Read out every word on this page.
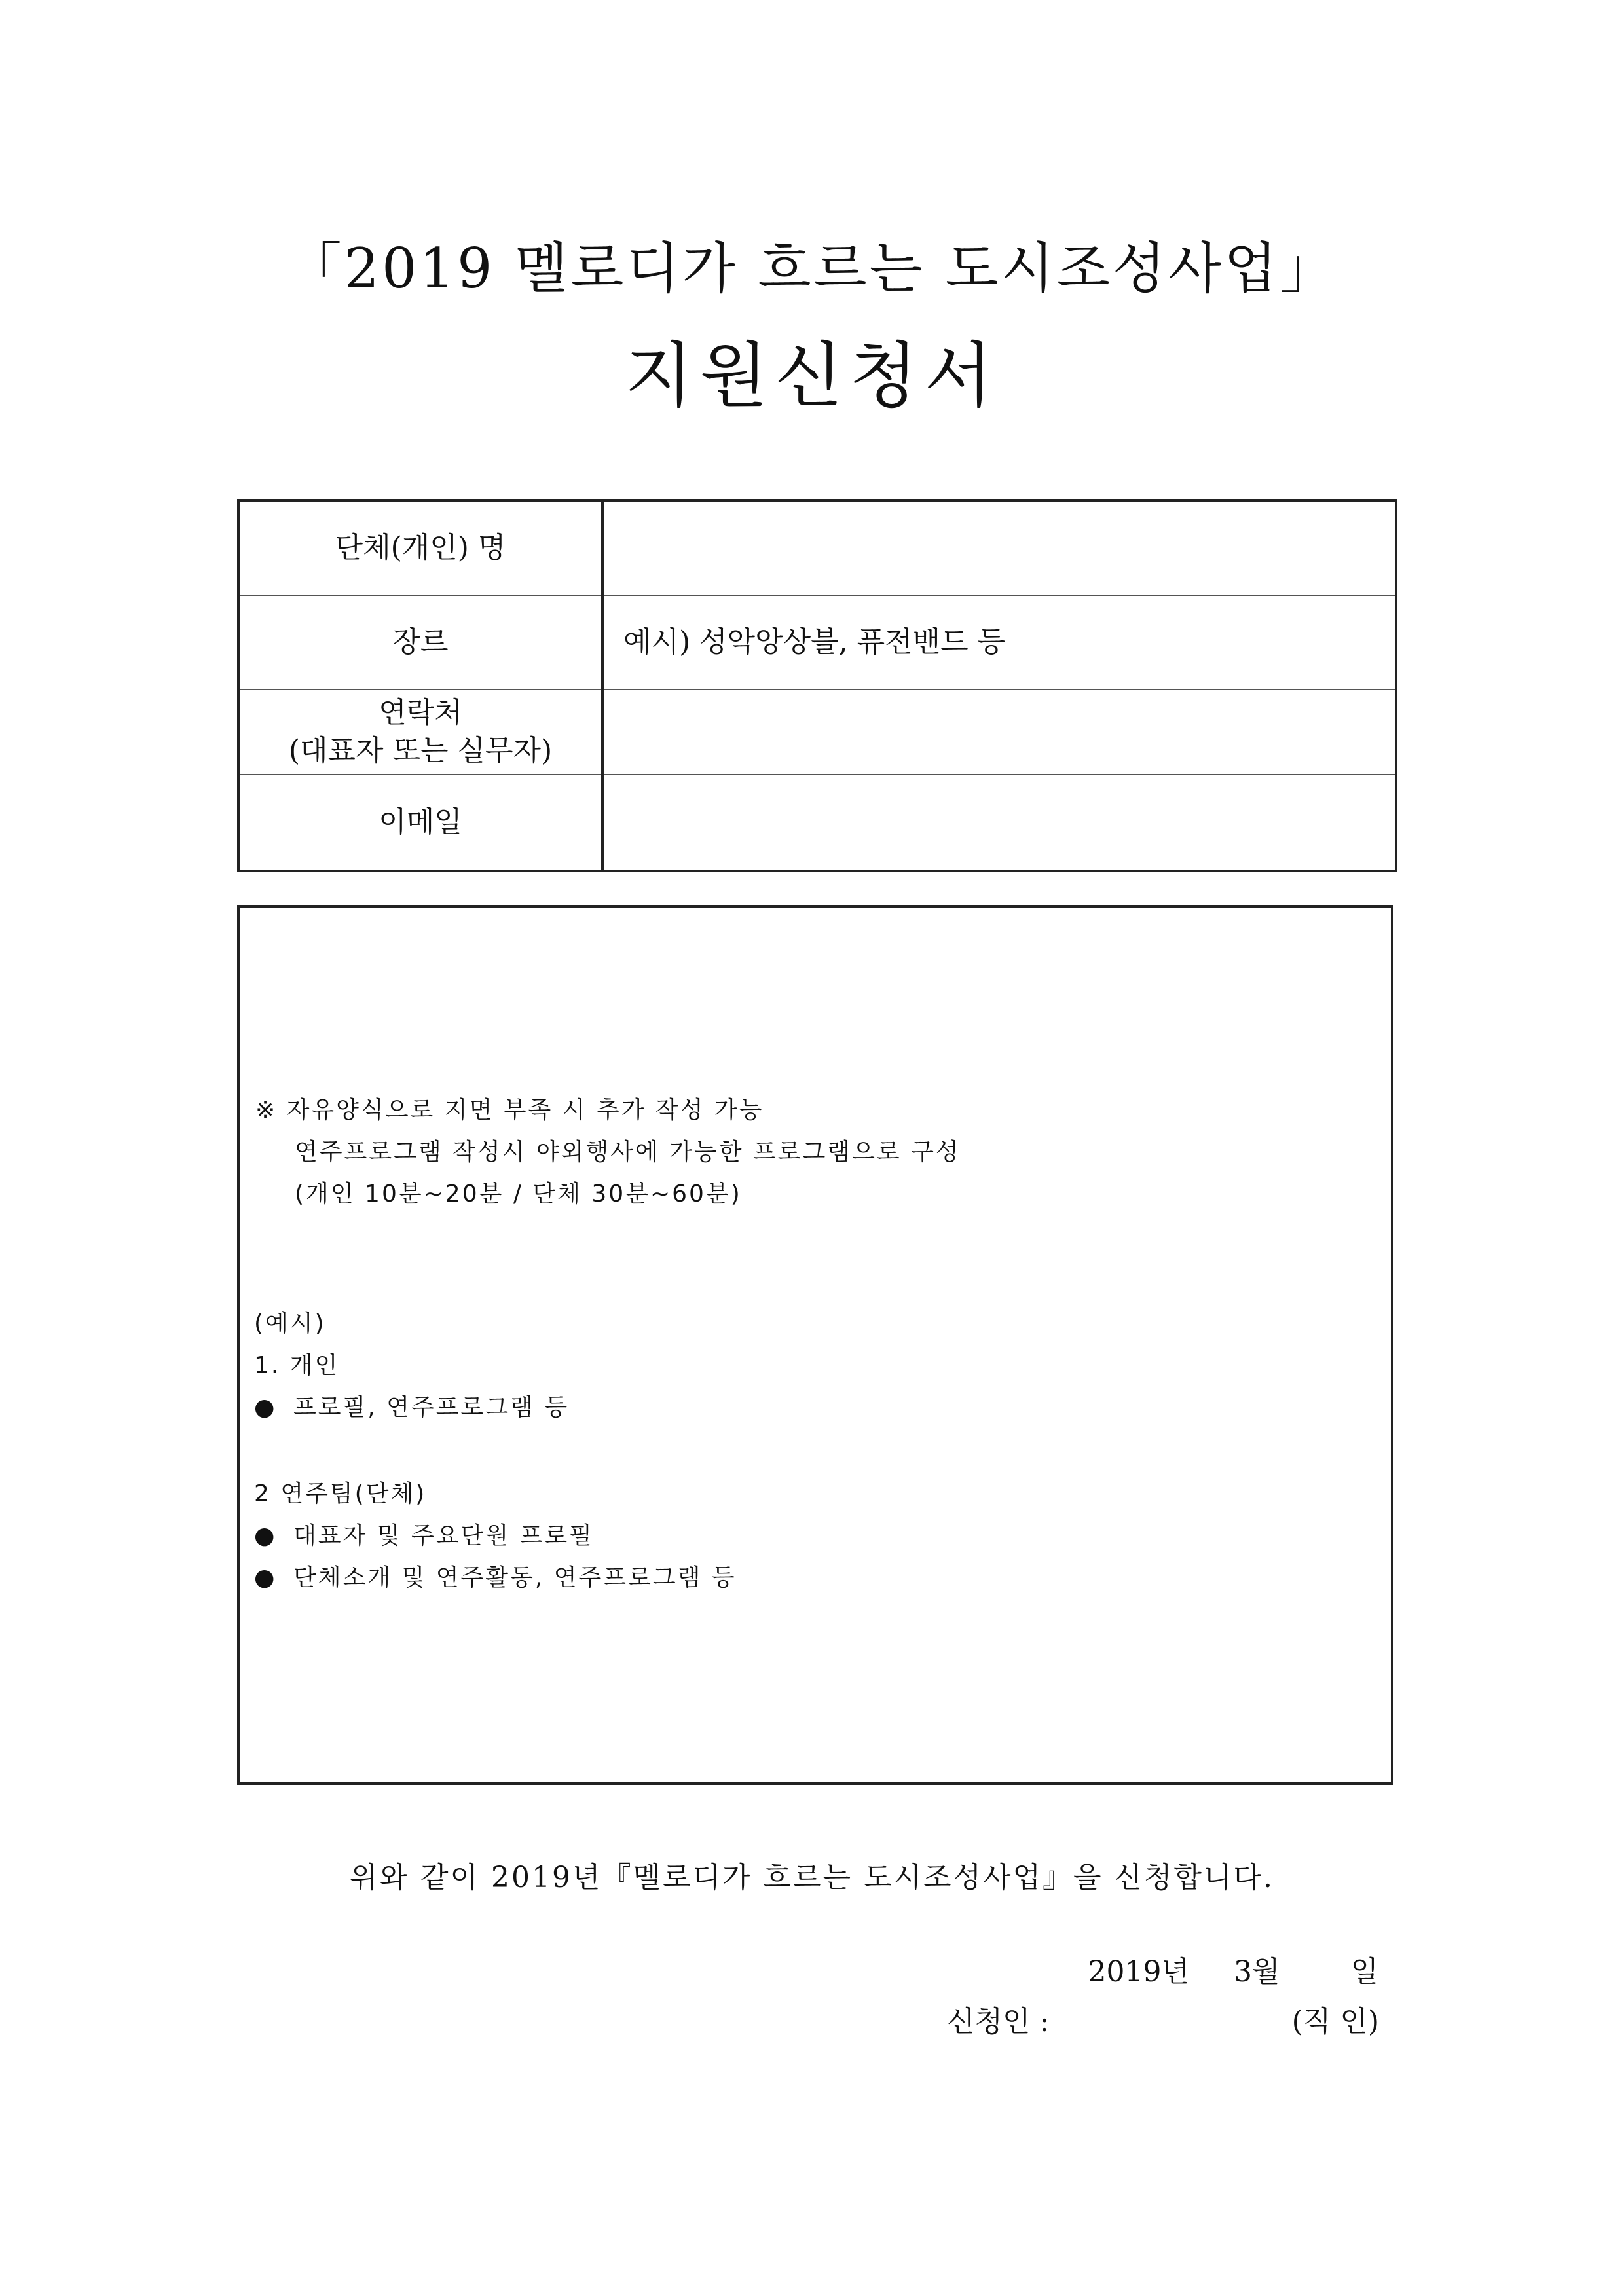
「2019 멜로디가 흐르는 도시조성사업」
지원신청서
단체(개인) 명	
장르	예시) 성악앙상블, 퓨전밴드 등

연락처
(대표자 또는 실무자)	

이메일	
※ 자유양식으로 지면 부족 시 추가 작성 가능
연주프로그램 작성시 야외행사에 가능한 프로그램으로 구성
(개인 10분~20분 / 단체 30분~60분)
(예시)
1. 개인
● 프로필, 연주프로그램 등
2 연주팀(단체)
● 대표자 및 주요단원 프로필
● 단체소개 및 연주활동, 연주프로그램 등
위와 같이 2019년『멜로디가 흐르는 도시조성사업』을 신청합니다.
2019년 3월 일
신청인 :	(직 인)
